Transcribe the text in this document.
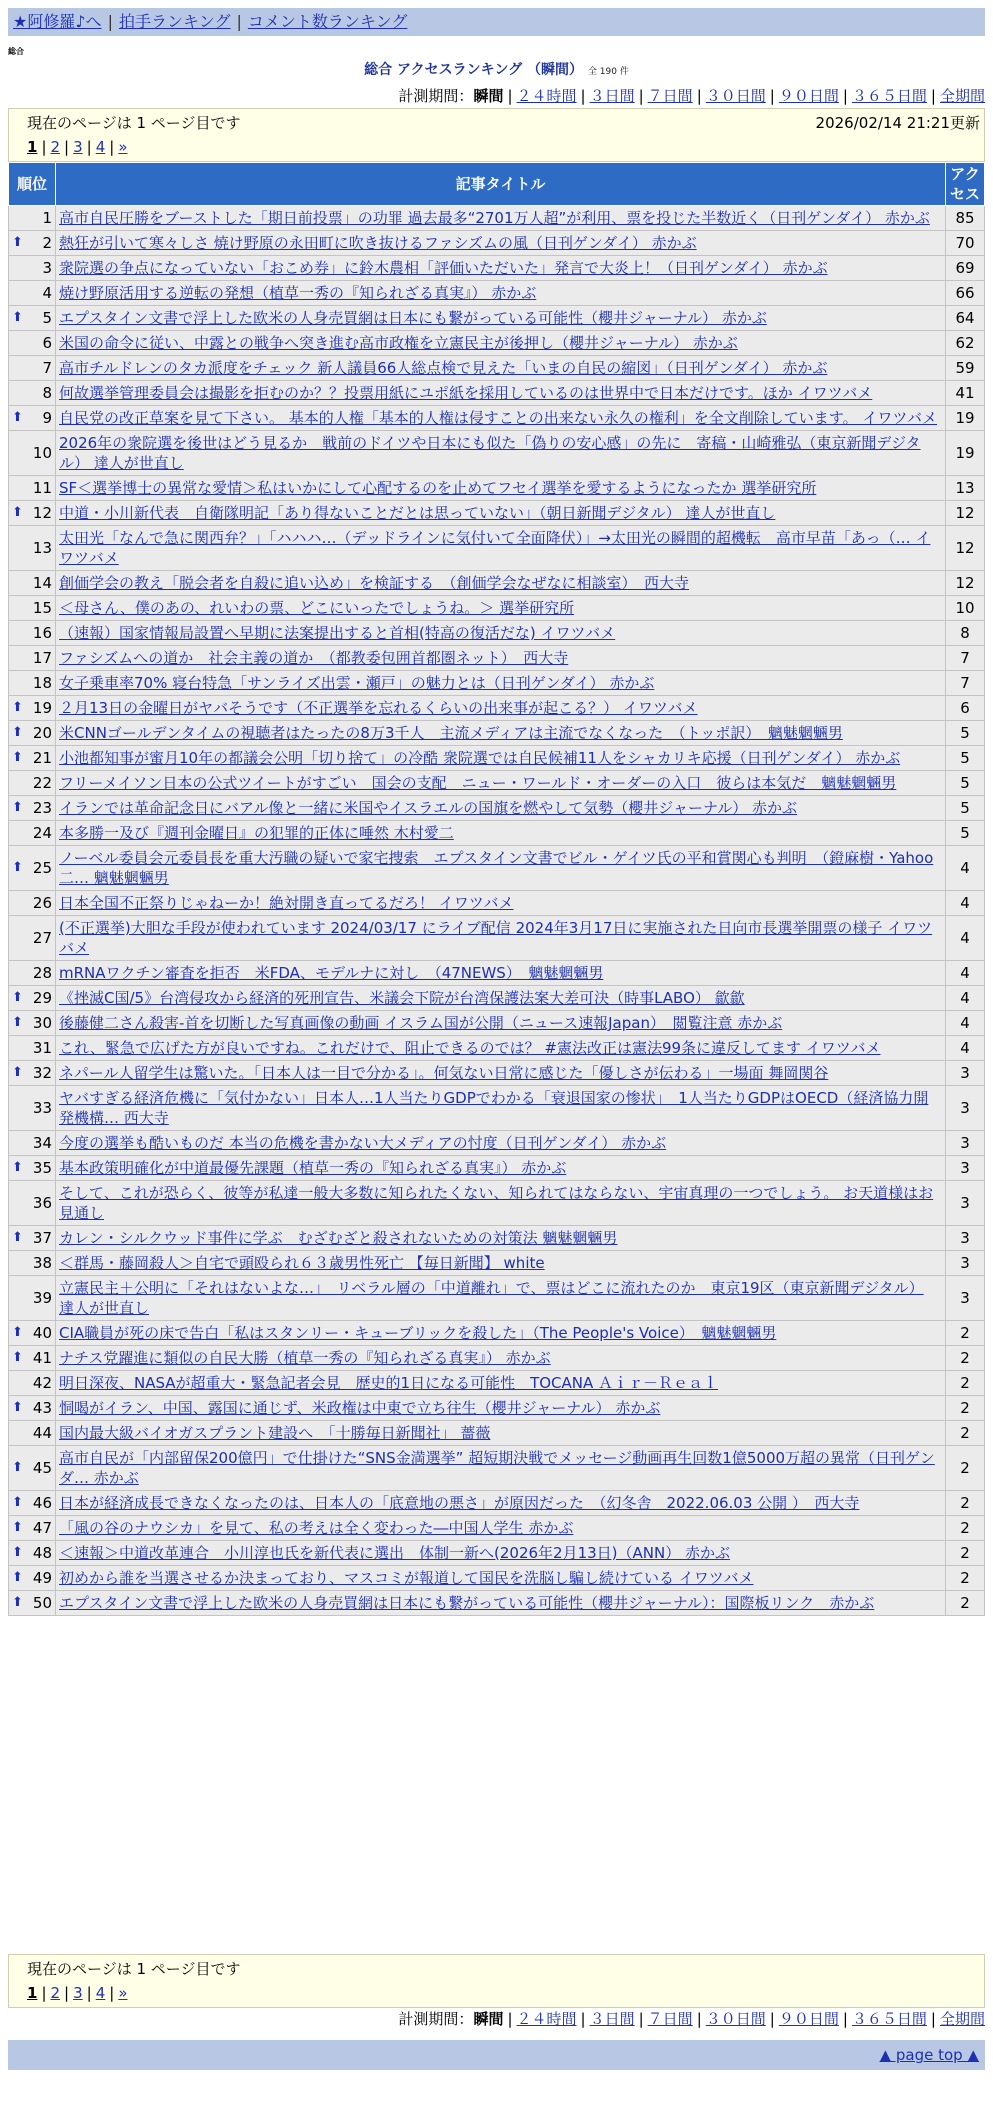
★阿修羅♪へ | 拍手ランキング | コメント数ランキング
総合
総合 アクセスランキング （瞬間） 全 190 件
計測期間：瞬間 | ２４時間 | ３日間 | ７日間 | ３０日間 | ９０日間 | ３６５日間 | 全期間
現在のページは 1 ページ目です	2026/02/14 21:21更新
1 | 2 | 3 | 4 | »
順位	記事タイトル	アクセス

1	高市自民圧勝をブーストした「期日前投票」の功罪 過去最多“2701万人超”が利用、票を投じた半数近く（日刊ゲンダイ） 赤かぶ	85

⬆ 2	熱狂が引いて寒々しさ 焼け野原の永田町に吹き抜けるファシズムの風（日刊ゲンダイ） 赤かぶ	70

3	衆院選の争点になっていない「おこめ券」に鈴木農相「評価いただいた」発言で大炎上！（日刊ゲンダイ） 赤かぶ	69

4	焼け野原活用する逆転の発想（植草一秀の『知られざる真実』） 赤かぶ	66

⬆ 5	エプスタイン文書で浮上した欧米の人身売買網は日本にも繋がっている可能性（櫻井ジャーナル） 赤かぶ	64

6	米国の命令に従い、中露との戦争へ突き進む高市政権を立憲民主が後押し（櫻井ジャーナル） 赤かぶ	62

7	高市チルドレンのタカ派度をチェック 新人議員66人総点検で見えた「いまの自民の縮図」（日刊ゲンダイ） 赤かぶ	59

8	何故選挙管理委員会は撮影を拒むのか？？投票用紙にユポ紙を採用しているのは世界中で日本だけです。ほか イワツバメ	41

⬆ 9	自民党の改正草案を見て下さい。 基本的人権「基本的人権は侵すことの出来ない永久の権利」を全文削除しています。 イワツバメ	19

10	2026年の衆院選を後世はどう見るか　戦前のドイツや日本にも似た「偽りの安心感」の先に　寄稿・山崎雅弘（東京新聞デジタル） 達人が世直し	19

11	SF＜選挙博士の異常な愛情＞私はいかにして心配するのを止めてフセイ選挙を愛するようになったか 選挙研究所	13

⬆ 12	中道・小川新代表　自衛隊明記「あり得ないことだとは思っていない」（朝日新聞デジタル） 達人が世直し	12

13	太田光「なんで急に関西弁？」「ハハハ…（デッドラインに気付いて全面降伏）」→太田光の瞬間的超機転　高市早苗「あっ（… イワツバメ	12

14	創価学会の教え「脱会者を自殺に追い込め」を検証する　（創価学会なぜなに相談室）　西大寺	12

15	＜母さん、僕のあの、れいわの票、どこにいったでしょうね。＞ 選挙研究所	10

16	（速報）国家情報局設置へ早期に法案提出すると首相(特高の復活だな) イワツバメ	8

17	ファシズムへの道か　社会主義の道か　（都教委包囲首都圏ネット）　西大寺	7

18	女子乗車率70% 寝台特急「サンライズ出雲・瀬戸」の魅力とは（日刊ゲンダイ） 赤かぶ	7

⬆ 19	２月13日の金曜日がヤバそうです（不正選挙を忘れるくらいの出来事が起こる？） イワツバメ	6

⬆ 20	米CNNゴールデンタイムの視聴者はたったの8万3千人　主流メディアは主流でなくなった　（トッポ訳）　魑魅魍魎男	5

⬆ 21	小池都知事が蜜月10年の都議会公明「切り捨て」の冷酷 衆院選では自民候補11人をシャカリキ応援（日刊ゲンダイ） 赤かぶ	5

22	フリーメイソン日本の公式ツイートがすごい　国会の支配　ニュー・ワールド・オーダーの入口　彼らは本気だ　魑魅魍魎男	5

⬆ 23	イランでは革命記念日にバアル像と一緒に米国やイスラエルの国旗を燃やして気勢（櫻井ジャーナル） 赤かぶ	5

24	本多勝一及び『週刊金曜日』の犯罪的正体に唾然 木村愛二	5

⬆ 25	ノーベル委員会元委員長を重大汚職の疑いで家宅捜索　エプスタイン文書でビル・ゲイツ氏の平和賞関心も判明　（鐙麻樹・Yahoo二… 魑魅魍魎男	4

26	日本全国不正祭りじゃねーか！絶対開き直ってるだろ！ イワツバメ	4

27	(不正選挙)大胆な手段が使われています 2024/03/17 にライブ配信 2024年3月17日に実施された日向市長選挙開票の様子 イワツバメ	4

28	mRNAワクチン審査を拒否　米FDA、モデルナに対し　（47NEWS）　魑魅魍魎男	4

⬆ 29	《挫滅C国/5》台湾侵攻から経済的死刑宣告、米議会下院が台湾保護法案大差可決（時事LABO） 歙歙	4

⬆ 30	後藤健二さん殺害-首を切断した写真画像の動画 イスラム国が公開（ニュース速報Japan）　閲覧注意 赤かぶ	4

31	これ、緊急で広げた方が良いですね。これだけで、阻止できるのでは？ #憲法改正は憲法99条に違反してます イワツバメ	4

⬆ 32	ネパール人留学生は驚いた。「日本人は一目で分かる」。何気ない日常に感じた「優しさが伝わる」一場面 舞岡関谷	3

33	ヤバすぎる経済危機に「気付かない」日本人…1人当たりGDPでわかる「衰退国家の惨状」　1人当たりGDPはOECD（経済協力開発機構… 西大寺	3

34	今度の選挙も酷いものだ 本当の危機を書かない大メディアの忖度（日刊ゲンダイ） 赤かぶ	3

⬆ 35	基本政策明確化が中道最優先課題（植草一秀の『知られざる真実』） 赤かぶ	3

36	そして、これが恐らく、彼等が私達一般大多数に知られたくない、知られてはならない、宇宙真理の一つでしょう。 お天道様はお見通し	3

⬆ 37	カレン・シルクウッド事件に学ぶ　むざむざと殺されないための対策法 魑魅魍魎男	3

38	＜群馬・藤岡殺人＞自宅で頭殴られ６３歳男性死亡 【毎日新聞】 white	3

39	立憲民主＋公明に「それはないよな…」　リベラル層の「中道離れ」で、票はどこに流れたのか　東京19区（東京新聞デジタル） 達人が世直し	3

⬆ 40	CIA職員が死の床で告白「私はスタンリー・キューブリックを殺した」（The People's Voice）　魑魅魍魎男	2

⬆ 41	ナチス党躍進に類似の自民大勝（植草一秀の『知られざる真実』） 赤かぶ	2

42	明日深夜、NASAが超重大・緊急記者会見　歴史的1日になる可能性　TOCANA Ａｉｒ－Ｒｅａｌ	2

⬆ 43	恫喝がイラン、中国、露国に通じず、米政権は中東で立ち往生（櫻井ジャーナル） 赤かぶ	2

44	国内最大級バイオガスプラント建設へ　「十勝毎日新聞社」 薔薇	2

⬆ 45	高市自民が「内部留保200億円」で仕掛けた“SNS金満選挙” 超短期決戦でメッセージ動画再生回数1億5000万超の異常（日刊ゲンダ… 赤かぶ	2

⬆ 46	日本が経済成長できなくなったのは、日本人の「底意地の悪さ」が原因だった　（幻冬舎　2022.06.03 公開 ）　西大寺	2

⬆ 47	「風の谷のナウシカ」を見て、私の考えは全く変わった―中国人学生 赤かぶ	2

⬆ 48	＜速報＞中道改革連合　小川淳也氏を新代表に選出　体制一新へ(2026年2月13日)（ANN） 赤かぶ	2

⬆ 49	初めから誰を当選させるか決まっており、マスコミが報道して国民を洗脳し騙し続けている イワツバメ	2

⬆ 50	エプスタイン文書で浮上した欧米の人身売買網は日本にも繋がっている可能性（櫻井ジャーナル）：国際板リンク　赤かぶ	2
現在のページは 1 ページ目です
1 | 2 | 3 | 4 | »
計測期間：瞬間 | ２４時間 | ３日間 | ７日間 | ３０日間 | ９０日間 | ３６５日間 | 全期間
▲ page top ▲
